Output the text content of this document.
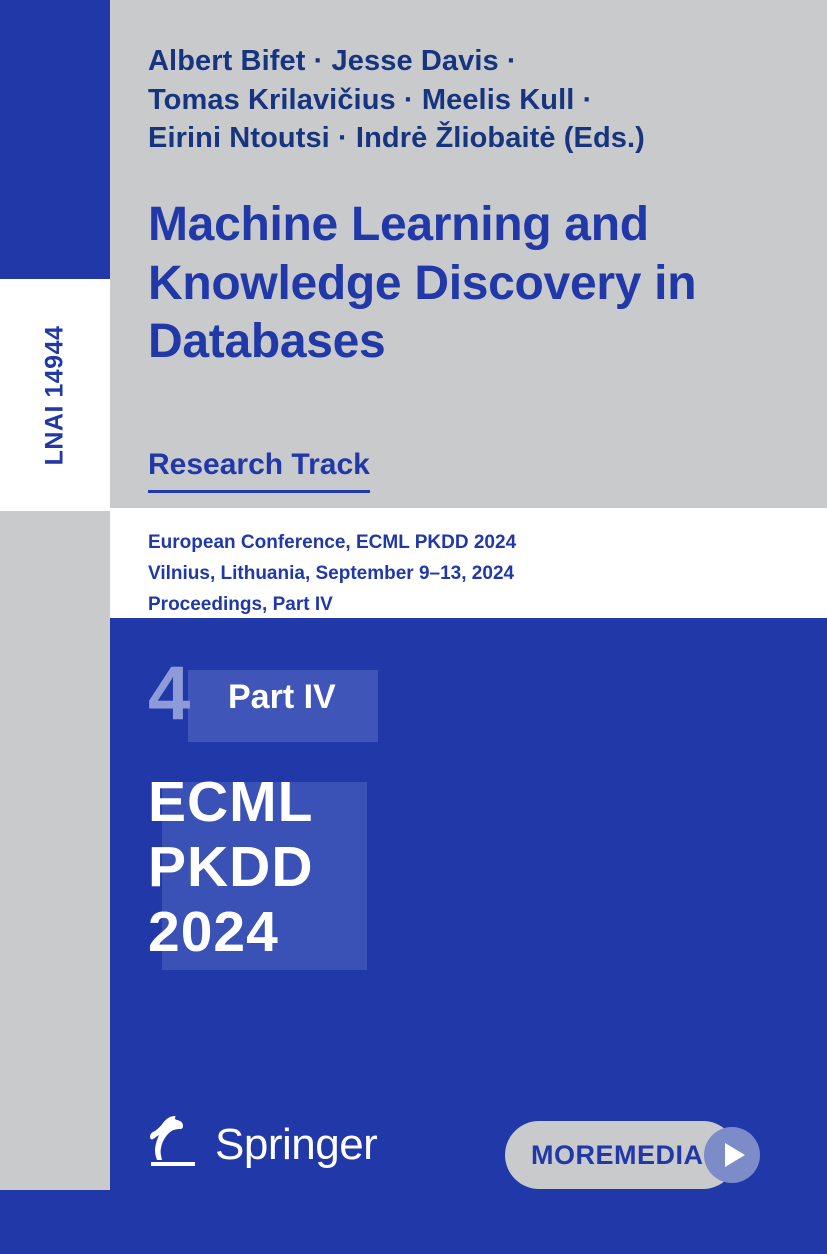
LNAI 14944
Albert Bifet · Jesse Davis ·
Tomas Krilavičius · Meelis Kull ·
Eirini Ntoutsi · Indrė Žliobaitė (Eds.)
Machine Learning and Knowledge Discovery in Databases
Research Track
European Conference, ECML PKDD 2024
Vilnius, Lithuania, September 9–13, 2024
Proceedings, Part IV
4 Part IV
ECML
PKDD
2024
Springer	MOREMEDIA
